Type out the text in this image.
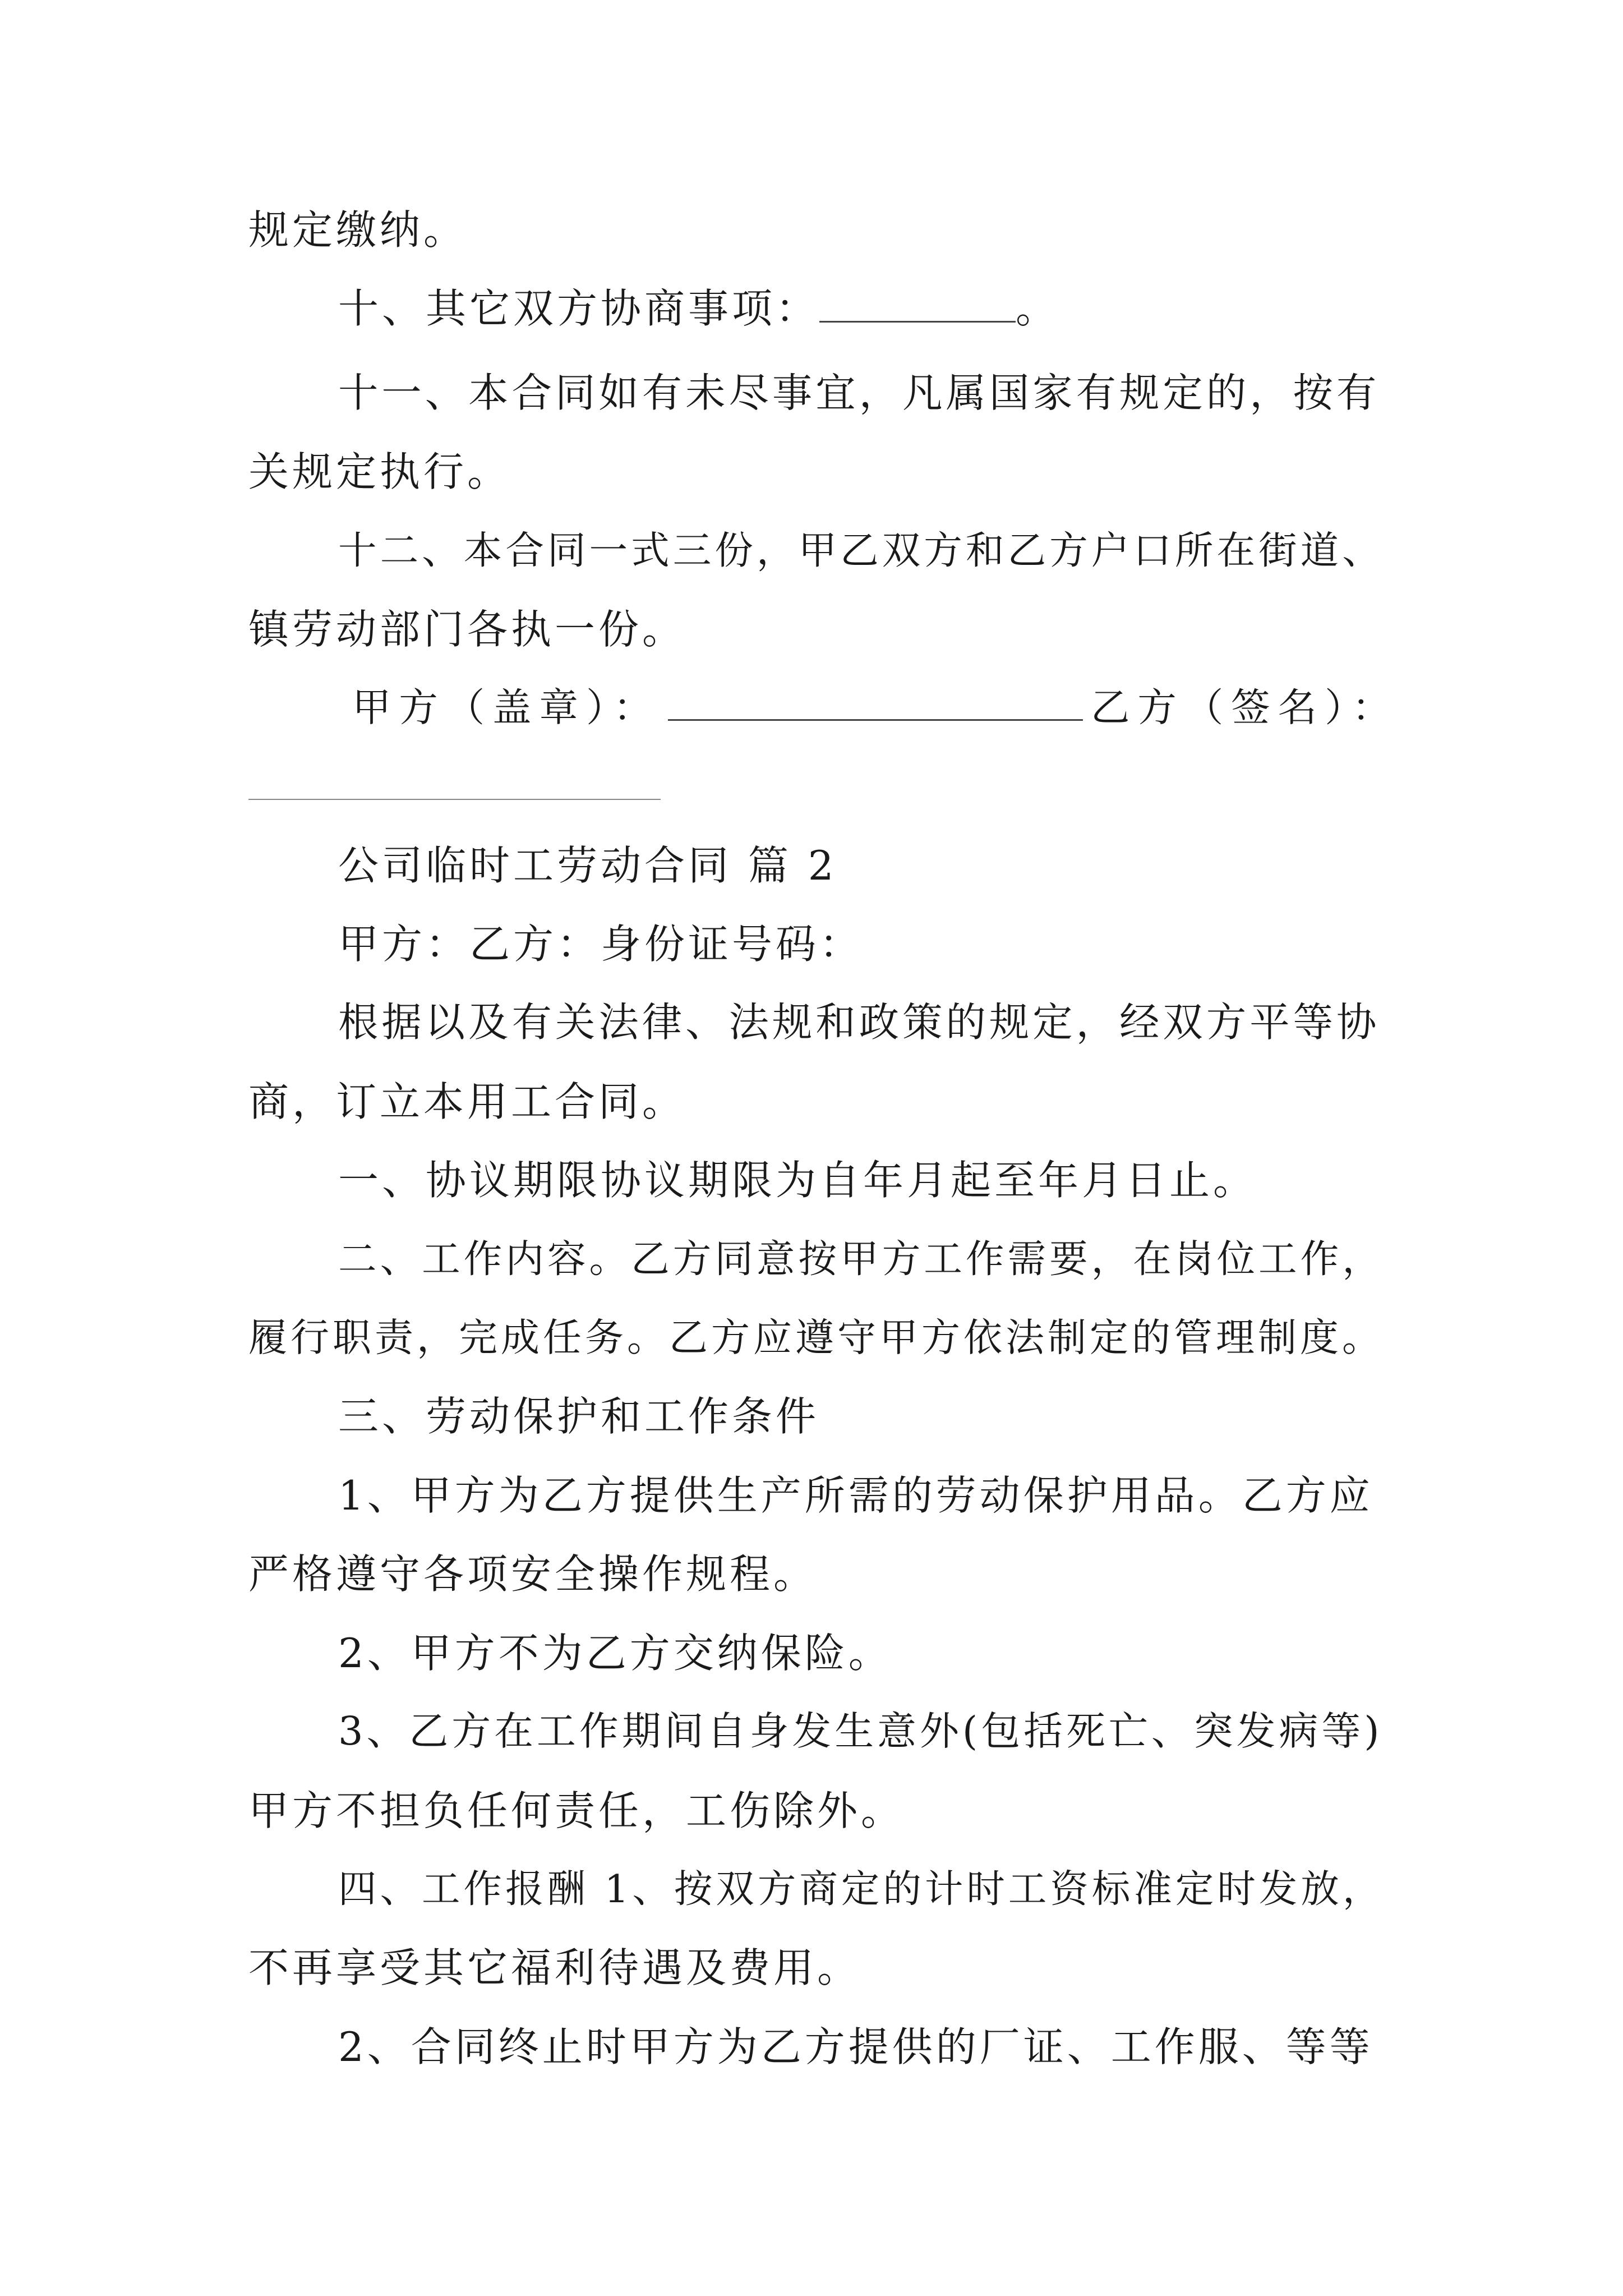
规定缴纳。
十、其它双方协商事项：	。
十一、本合同如有未尽事宜，凡属国家有规定的，按有
关规定执行。
十二、本合同一式三份，甲乙双方和乙方户口所在街道、
镇劳动部门各执一份。
甲方（盖章）：	乙方（签名）：
公司临时工劳动合同 篇 2
甲方：乙方：身份证号码：
根据以及有关法律、法规和政策的规定，经双方平等协
商，订立本用工合同。
一、协议期限协议期限为自年月起至年月日止。
二、工作内容。乙方同意按甲方工作需要，在岗位工作，
履行职责，完成任务。乙方应遵守甲方依法制定的管理制度。
三、劳动保护和工作条件
1、甲方为乙方提供生产所需的劳动保护用品。乙方应
严格遵守各项安全操作规程。
2、甲方不为乙方交纳保险。
3、乙方在工作期间自身发生意外(包括死亡、突发病等)
甲方不担负任何责任，工伤除外。
四、工作报酬 1、按双方商定的计时工资标准定时发放，
不再享受其它福利待遇及费用。
2、合同终止时甲方为乙方提供的厂证、工作服、等等
